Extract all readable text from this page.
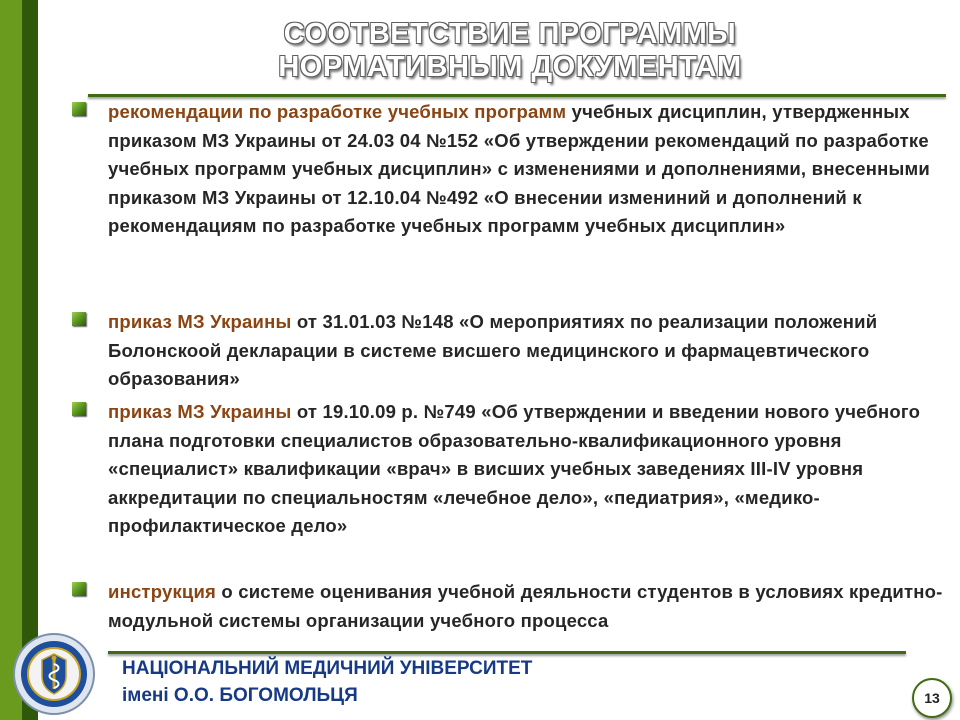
СООТВЕТСТВИЕ ПРОГРАММЫ
НОРМАТИВНЫМ ДОКУМЕНТАМ
рекомендации по разработке учебных программ учебных дисциплин, утвердженных приказом МЗ Украины от 24.03 04 №152 «Об утверждении рекомендаций по разработке учебных программ учебных дисциплин» с изменениями и дополнениями, внесенными приказом МЗ Украины от 12.10.04 №492 «О внесении измениний и дополнений к рекомендациям по разработке учебных программ учебных дисциплин»
приказ МЗ Украины от 31.01.03 №148 «О мероприятиях по реализации положений Болонскоой декларации в системе висшего медицинского и фармацевтического образования»
приказ МЗ Украины от 19.10.09 р. №749 «Об утверждении и введении нового учебного плана подготовки специалистов образовательно-квалификационного уровня «специалист» квалификации «врач» в висших учебных заведениях III-IV уровня аккредитации по специальностям «лечебное дело», «педиатрия», «медико-профилактическое дело»
инструкция о системе оценивания учебной деяльности студентов в условиях кредитно-модульной системы организации учебного процесса
НАЦІОНАЛЬНИЙ МЕДИЧНИЙ УНІВЕРСИТЕТ
імені О.О. БОГОМОЛЬЦЯ	13
